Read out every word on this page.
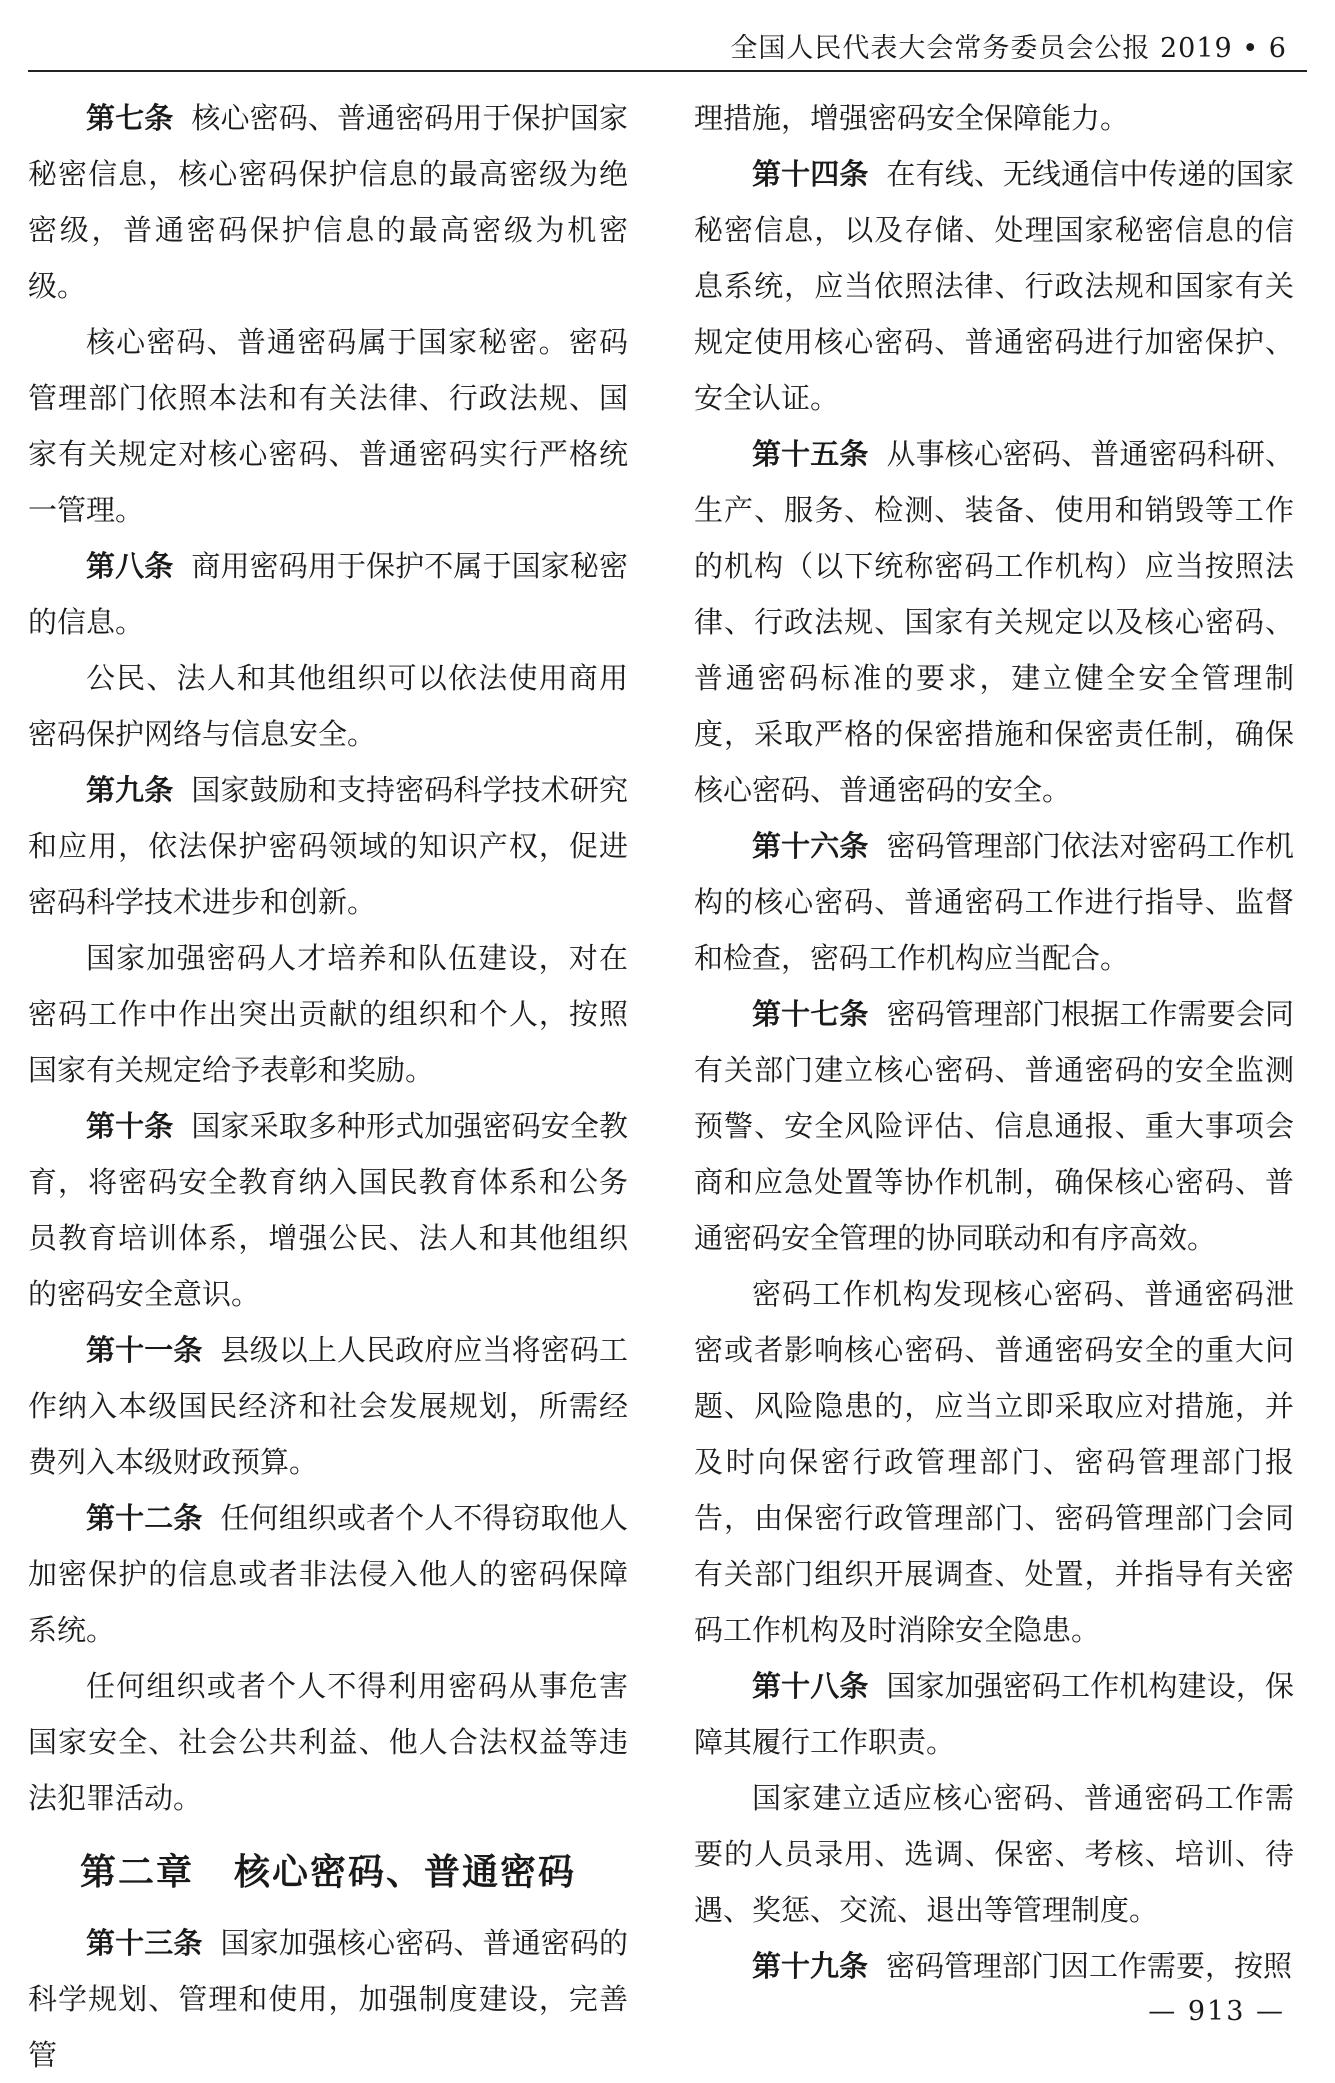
全国人民代表大会常务委员会公报 2019 • 6

第七条 核心密码、普通密码用于保护国家秘密信息，核心密码保护信息的最高密级为绝密级，普通密码保护信息的最高密级为机密级。

核心密码、普通密码属于国家秘密。密码管理部门依照本法和有关法律、行政法规、国家有关规定对核心密码、普通密码实行严格统一管理。

第八条 商用密码用于保护不属于国家秘密的信息。

公民、法人和其他组织可以依法使用商用密码保护网络与信息安全。

第九条 国家鼓励和支持密码科学技术研究和应用，依法保护密码领域的知识产权，促进密码科学技术进步和创新。

国家加强密码人才培养和队伍建设，对在密码工作中作出突出贡献的组织和个人，按照国家有关规定给予表彰和奖励。

第十条 国家采取多种形式加强密码安全教育，将密码安全教育纳入国民教育体系和公务员教育培训体系，增强公民、法人和其他组织的密码安全意识。

第十一条 县级以上人民政府应当将密码工作纳入本级国民经济和社会发展规划，所需经费列入本级财政预算。

第十二条 任何组织或者个人不得窃取他人加密保护的信息或者非法侵入他人的密码保障系统。

任何组织或者个人不得利用密码从事危害国家安全、社会公共利益、他人合法权益等违法犯罪活动。

第二章 核心密码、普通密码

第十三条 国家加强核心密码、普通密码的科学规划、管理和使用，加强制度建设，完善管

理措施，增强密码安全保障能力。

第十四条 在有线、无线通信中传递的国家秘密信息，以及存储、处理国家秘密信息的信息系统，应当依照法律、行政法规和国家有关规定使用核心密码、普通密码进行加密保护、安全认证。

第十五条 从事核心密码、普通密码科研、生产、服务、检测、装备、使用和销毁等工作的机构（以下统称密码工作机构）应当按照法律、行政法规、国家有关规定以及核心密码、普通密码标准的要求，建立健全安全管理制度，采取严格的保密措施和保密责任制，确保核心密码、普通密码的安全。

第十六条 密码管理部门依法对密码工作机构的核心密码、普通密码工作进行指导、监督和检查，密码工作机构应当配合。

第十七条 密码管理部门根据工作需要会同有关部门建立核心密码、普通密码的安全监测预警、安全风险评估、信息通报、重大事项会商和应急处置等协作机制，确保核心密码、普通密码安全管理的协同联动和有序高效。

密码工作机构发现核心密码、普通密码泄密或者影响核心密码、普通密码安全的重大问题、风险隐患的，应当立即采取应对措施，并及时向保密行政管理部门、密码管理部门报告，由保密行政管理部门、密码管理部门会同有关部门组织开展调查、处置，并指导有关密码工作机构及时消除安全隐患。

第十八条 国家加强密码工作机构建设，保障其履行工作职责。

国家建立适应核心密码、普通密码工作需要的人员录用、选调、保密、考核、培训、待遇、奖惩、交流、退出等管理制度。

第十九条 密码管理部门因工作需要，按照

— 913 —
